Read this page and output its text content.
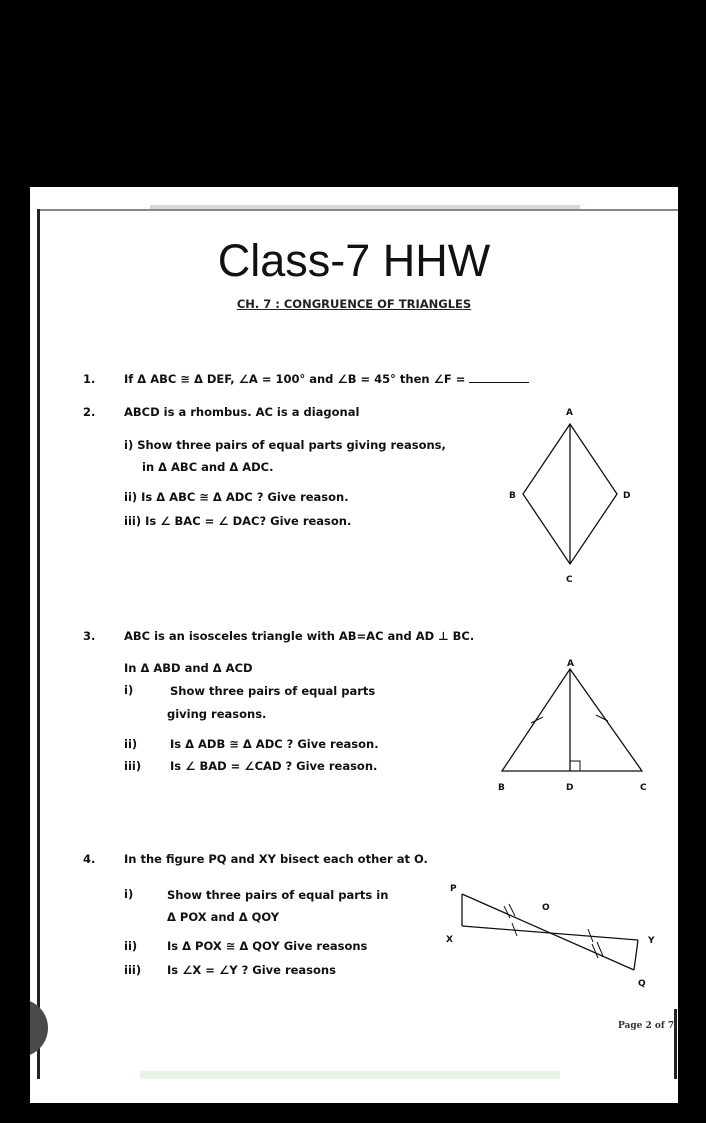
Class-7 HHW
CH. 7 : CONGRUENCE OF TRIANGLES
1. If Δ ABC ≅ Δ DEF, ∠A = 100° and ∠B = 45° then ∠F =
2. ABCD is a rhombus. AC is a diagonal
i) Show three pairs of equal parts giving reasons,
in Δ ABC and Δ ADC.
ii) Is Δ ABC ≅ Δ ADC ? Give reason.
iii) Is ∠ BAC = ∠ DAC? Give reason.
A
B
C
D
3. ABC is an isosceles triangle with AB=AC and AD ⊥ BC.
In Δ ABD and Δ ACD
i)	Show three pairs of equal parts
giving reasons.
ii)	Is Δ ADB ≅ Δ ADC ? Give reason.
iii)	Is ∠ BAD = ∠CAD ? Give reason.
A
B	D	C
4. In the figure PQ and XY bisect each other at O.
i)	Show three pairs of equal parts in
Δ POX and Δ QOY
ii)	Is Δ POX ≅ Δ QOY Give reasons
iii) Is ∠X = ∠Y ? Give reasons
P
O
X	Y
Q
Page 2 of 7
